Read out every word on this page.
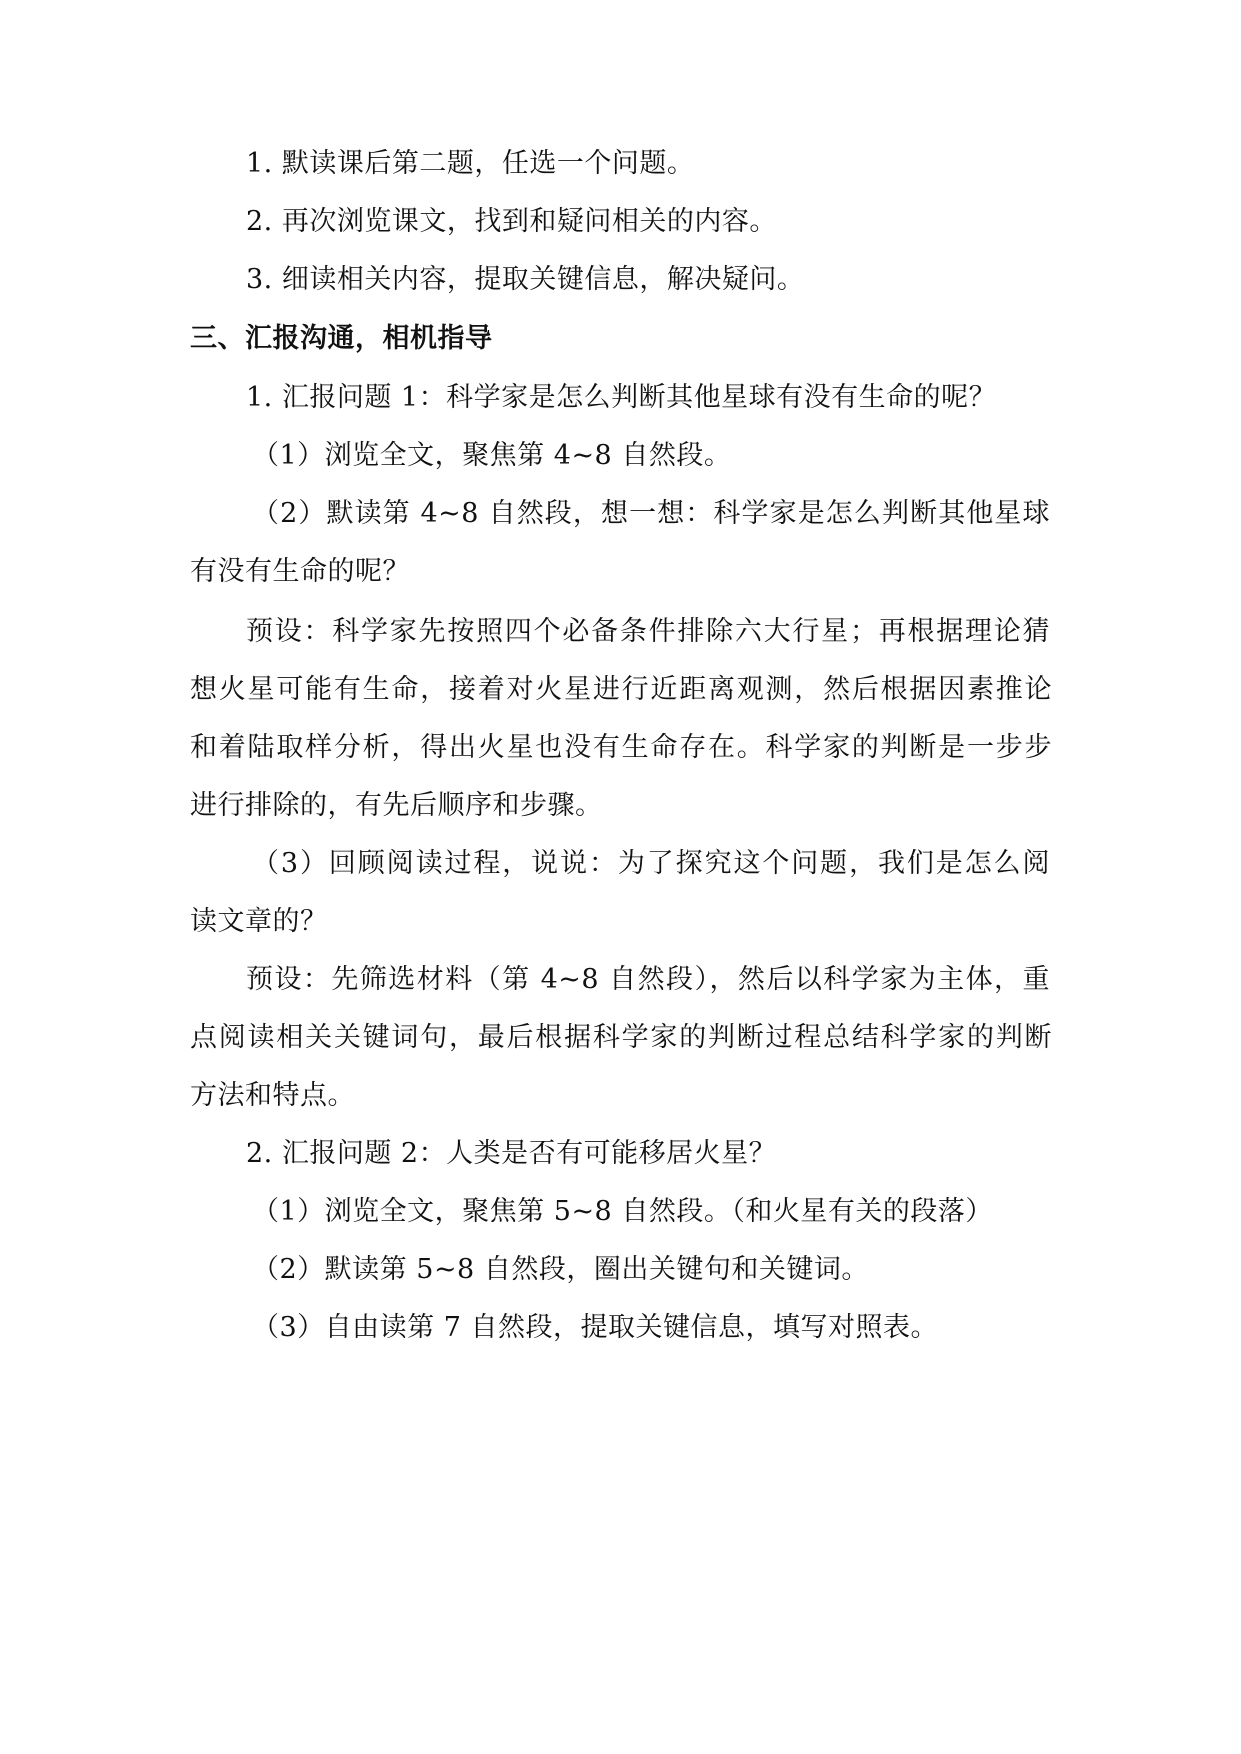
1. 默读课后第二题，任选一个问题。
2. 再次浏览课文，找到和疑问相关的内容。
3. 细读相关内容，提取关键信息，解决疑问。
三、汇报沟通，相机指导
1. 汇报问题 1：科学家是怎么判断其他星球有没有生命的呢？
（1）浏览全文，聚焦第 4~8 自然段。
（2）默读第 4~8 自然段，想一想：科学家是怎么判断其他星球
有没有生命的呢？
预设：科学家先按照四个必备条件排除六大行星；再根据理论猜
想火星可能有生命，接着对火星进行近距离观测，然后根据因素推论
和着陆取样分析，得出火星也没有生命存在。科学家的判断是一步步
进行排除的，有先后顺序和步骤。
（3）回顾阅读过程，说说：为了探究这个问题，我们是怎么阅
读文章的？
预设：先筛选材料（第 4~8 自然段），然后以科学家为主体，重
点阅读相关关键词句，最后根据科学家的判断过程总结科学家的判断
方法和特点。
2. 汇报问题 2：人类是否有可能移居火星？
（1）浏览全文，聚焦第 5~8 自然段。（和火星有关的段落）
（2）默读第 5~8 自然段，圈出关键句和关键词。
（3）自由读第 7 自然段，提取关键信息，填写对照表。
